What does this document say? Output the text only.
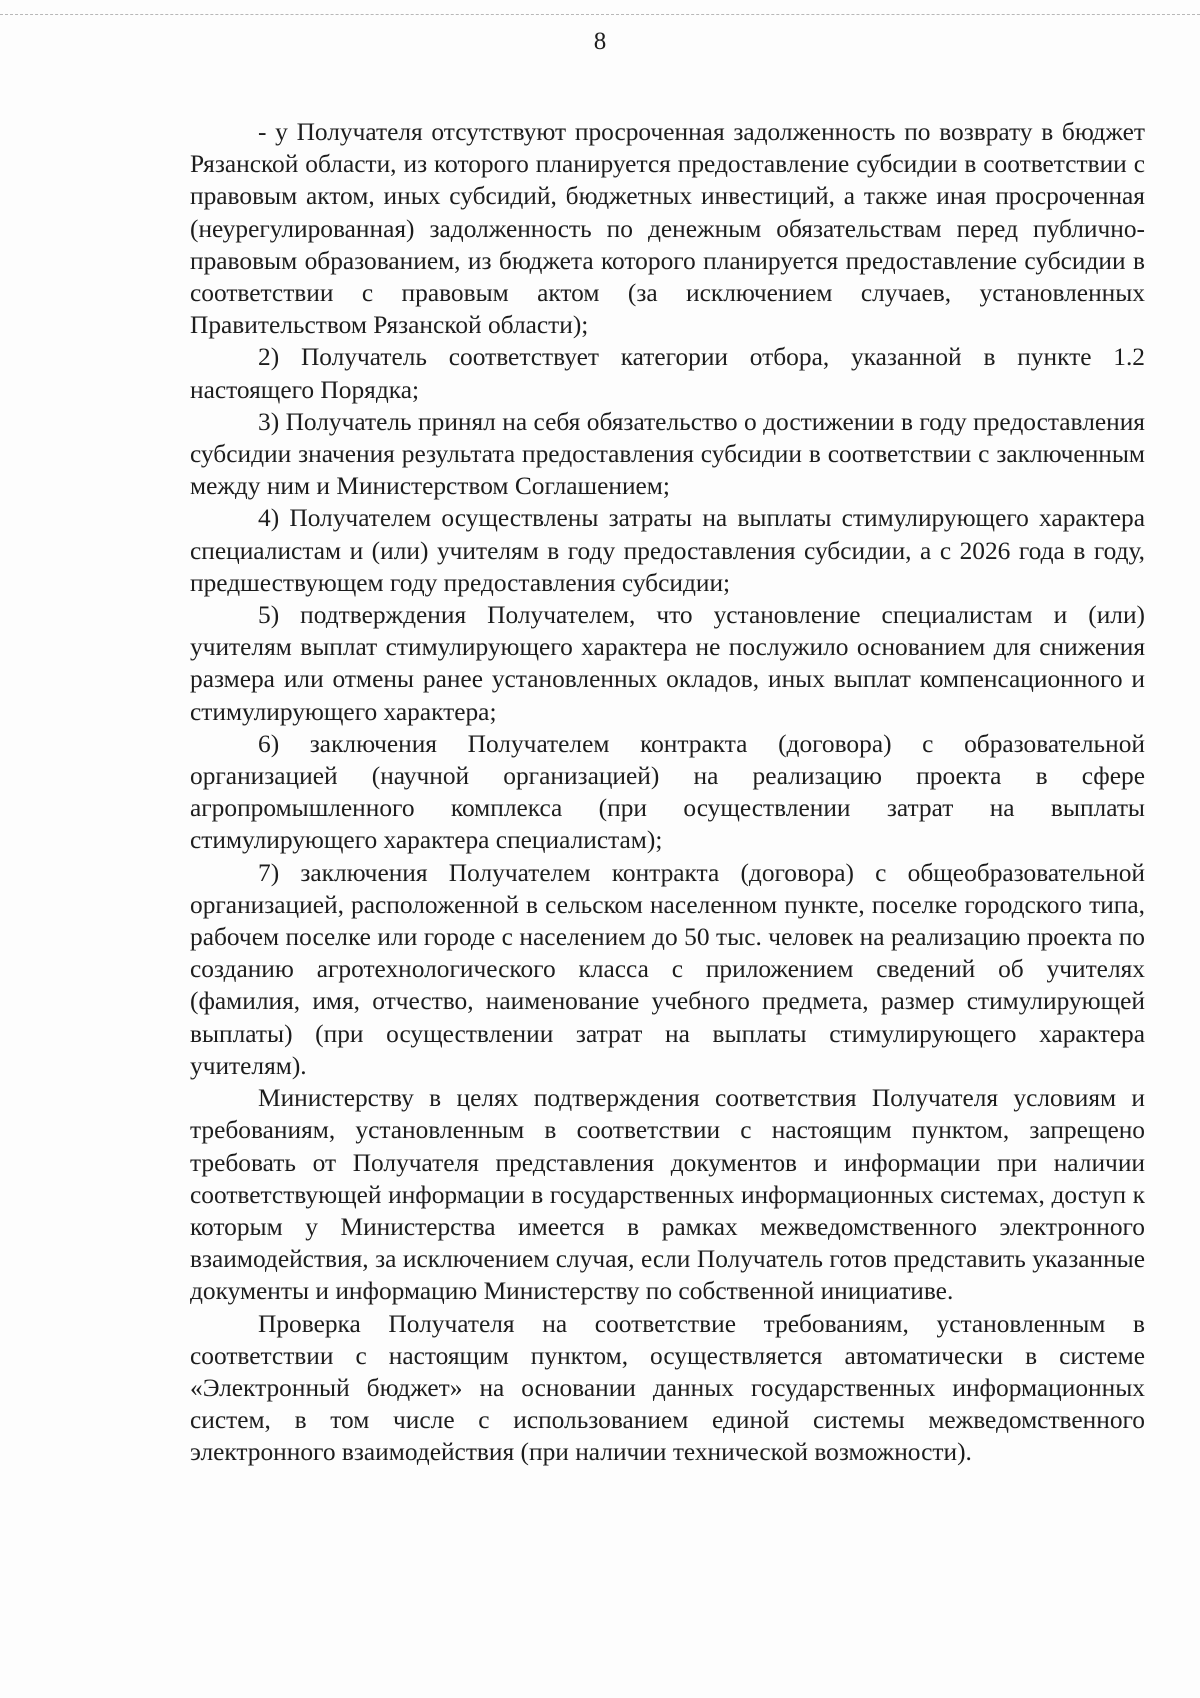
8

- у Получателя отсутствуют просроченная задолженность по возврату в бюджет Рязанской области, из которого планируется предоставление субсидии в соответствии с правовым актом, иных субсидий, бюджетных инвестиций, а также иная просроченная (неурегулированная) задолженность по денежным обязательствам перед публично-правовым образованием, из бюджета которого планируется предоставление субсидии в соответствии с правовым актом (за исключением случаев, установленных Правительством Рязанской области);

2) Получатель соответствует категории отбора, указанной в пункте 1.2 настоящего Порядка;

3) Получатель принял на себя обязательство о достижении в году предоставления субсидии значения результата предоставления субсидии в соответствии с заключенным между ним и Министерством Соглашением;

4) Получателем осуществлены затраты на выплаты стимулирующего характера специалистам и (или) учителям в году предоставления субсидии, а с 2026 года в году, предшествующем году предоставления субсидии;

5) подтверждения Получателем, что установление специалистам и (или) учителям выплат стимулирующего характера не послужило основанием для снижения размера или отмены ранее установленных окладов, иных выплат компенсационного и стимулирующего характера;

6) заключения Получателем контракта (договора) с образовательной организацией (научной организацией) на реализацию проекта в сфере агропромышленного комплекса (при осуществлении затрат на выплаты стимулирующего характера специалистам);

7) заключения Получателем контракта (договора) с общеобразовательной организацией, расположенной в сельском населенном пункте, поселке городского типа, рабочем поселке или городе с населением до 50 тыс. человек на реализацию проекта по созданию агротехнологического класса с приложением сведений об учителях (фамилия, имя, отчество, наименование учебного предмета, размер стимулирующей выплаты) (при осуществлении затрат на выплаты стимулирующего характера учителям).

Министерству в целях подтверждения соответствия Получателя условиям и требованиям, установленным в соответствии с настоящим пунктом, запрещено требовать от Получателя представления документов и информации при наличии соответствующей информации в государственных информационных системах, доступ к которым у Министерства имеется в рамках межведомственного электронного взаимодействия, за исключением случая, если Получатель готов представить указанные документы и информацию Министерству по собственной инициативе.

Проверка Получателя на соответствие требованиям, установленным в соответствии с настоящим пунктом, осуществляется автоматически в системе «Электронный бюджет» на основании данных государственных информационных систем, в том числе с использованием единой системы межведомственного электронного взаимодействия (при наличии технической возможности).
